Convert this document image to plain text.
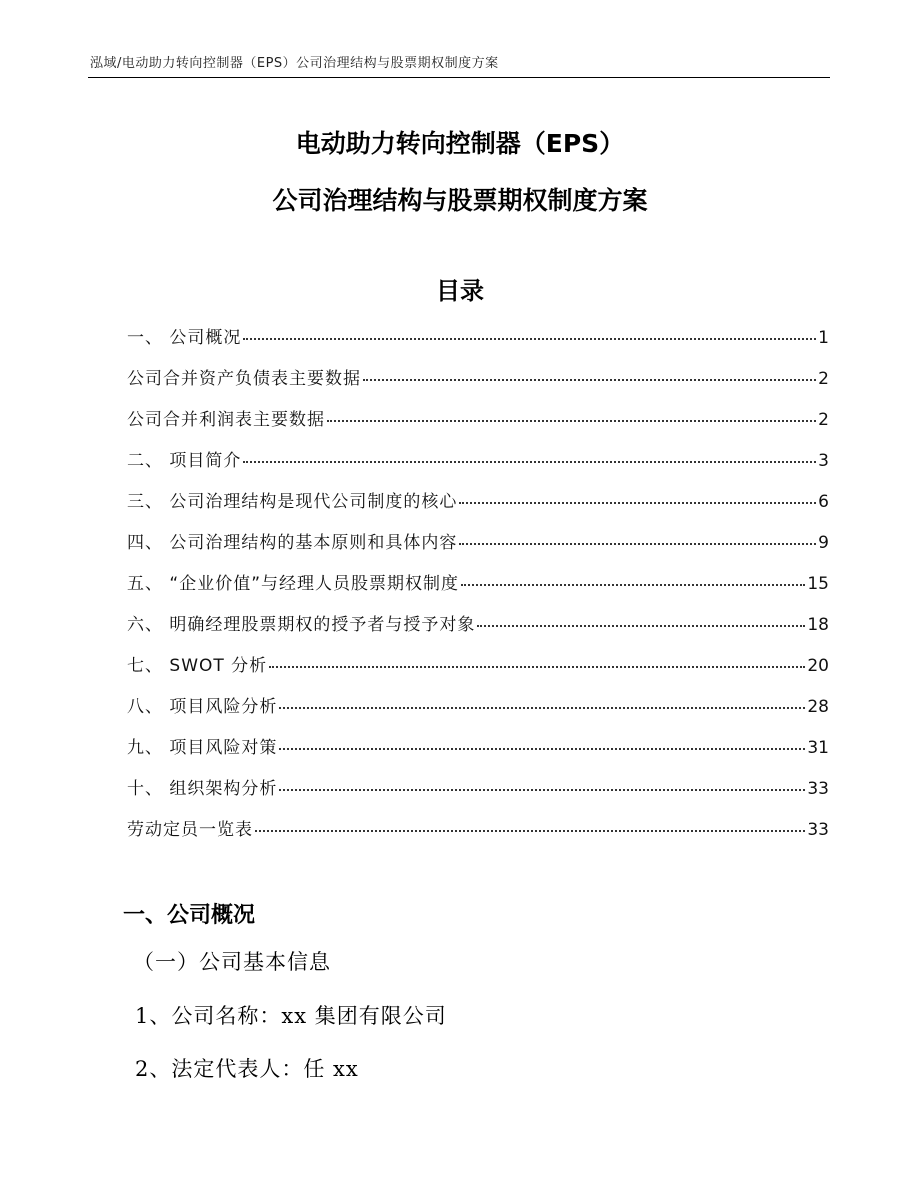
泓域/电动助力转向控制器（EPS）公司治理结构与股票期权制度方案
电动助力转向控制器（EPS）
公司治理结构与股票期权制度方案
目录
一、 公司概况	1
公司合并资产负债表主要数据	2
公司合并利润表主要数据	2
二、 项目简介	3
三、 公司治理结构是现代公司制度的核心	6
四、 公司治理结构的基本原则和具体内容	9
五、 “企业价值”与经理人员股票期权制度	15
六、 明确经理股票期权的授予者与授予对象	18
七、 SWOT 分析	20
八、 项目风险分析	28
九、 项目风险对策	31
十、 组织架构分析	33
劳动定员一览表	33
一、公司概况
（一）公司基本信息
1、公司名称：xx 集团有限公司
2、法定代表人：任 xx
